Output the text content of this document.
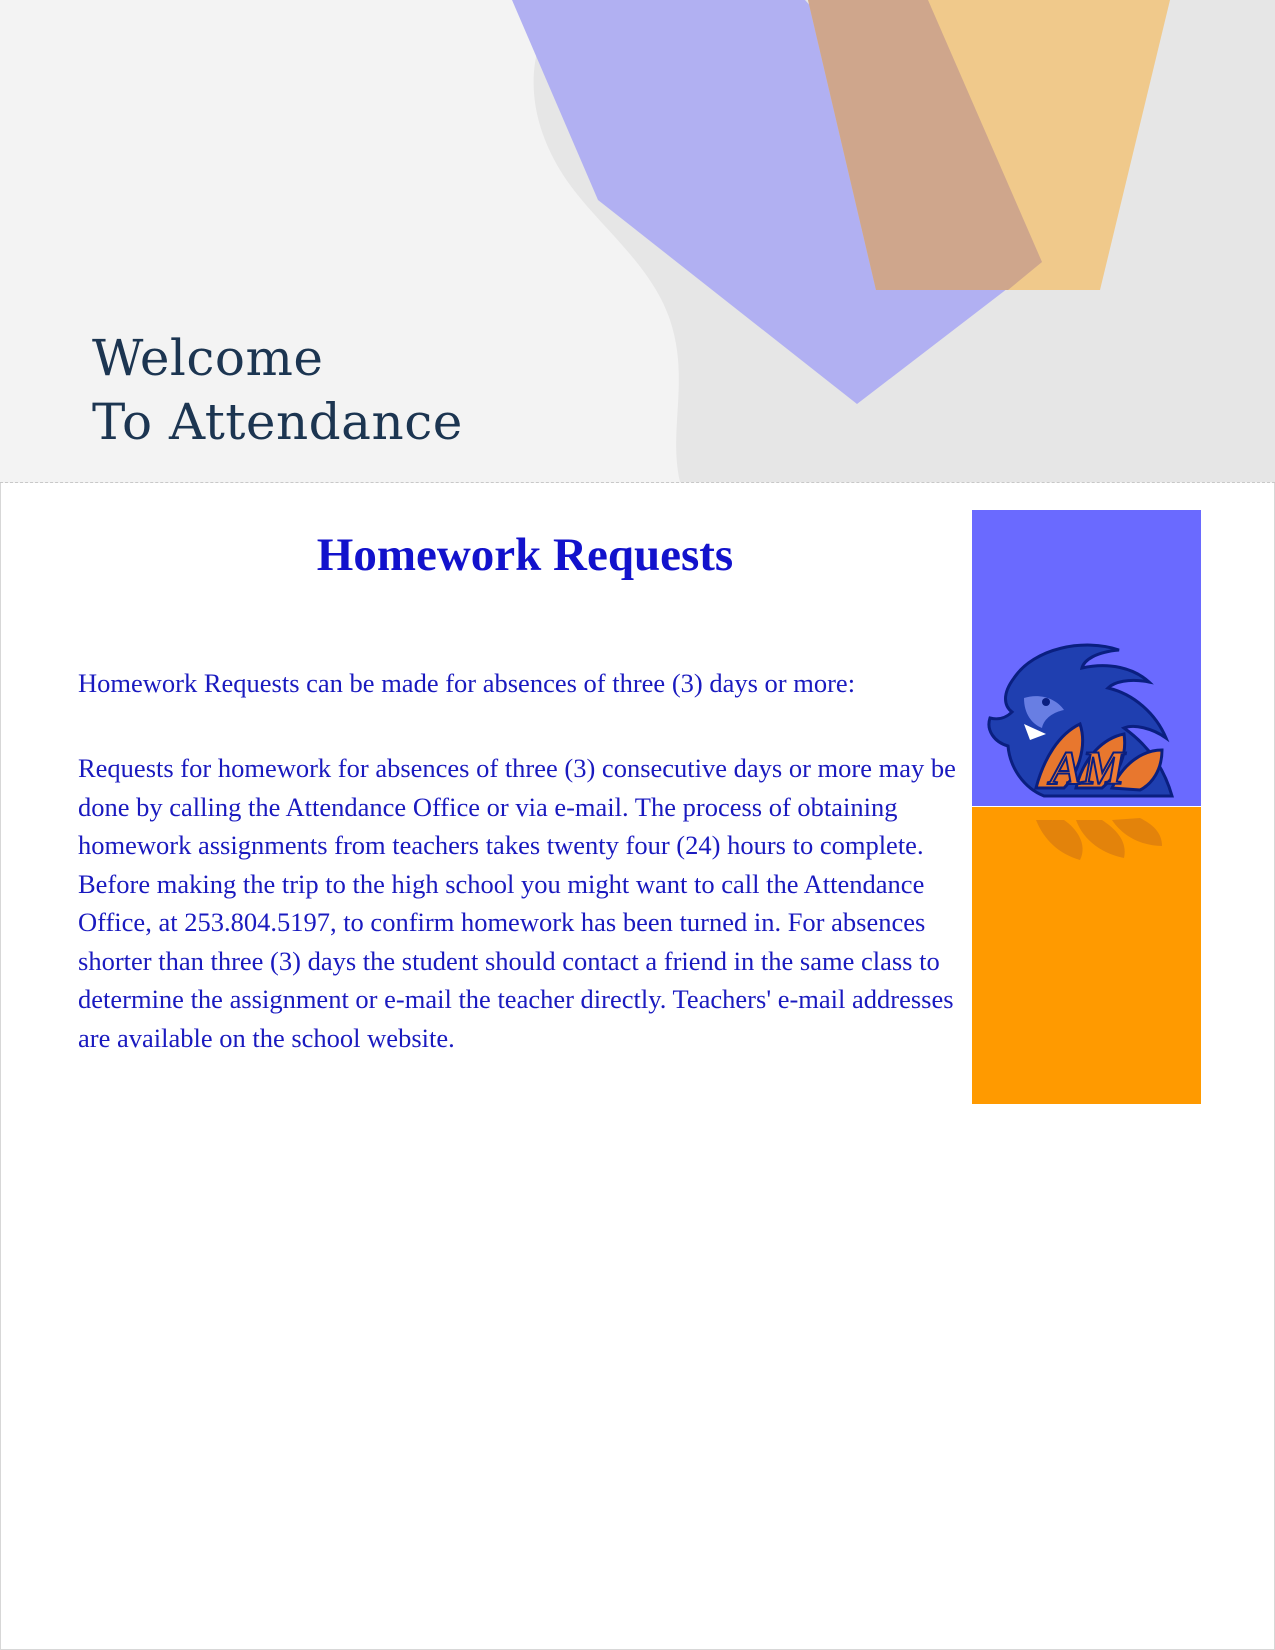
Welcome
To Attendance
Homework Requests

Homework Requests can be made for absences of three (3) days or more:

Requests for homework for absences of three (3) consecutive days or more may be done by calling the Attendance Office or via e-mail. The process of obtaining homework assignments from teachers takes twenty four (24) hours to complete. Before making the trip to the high school you might want to call the Attendance Office, at 253.804.5197, to confirm homework has been turned in. For absences shorter than three (3) days the student should contact a friend in the same class to determine the assignment or e-mail the teacher directly. Teachers' e-mail addresses are available on the school website.

AM
